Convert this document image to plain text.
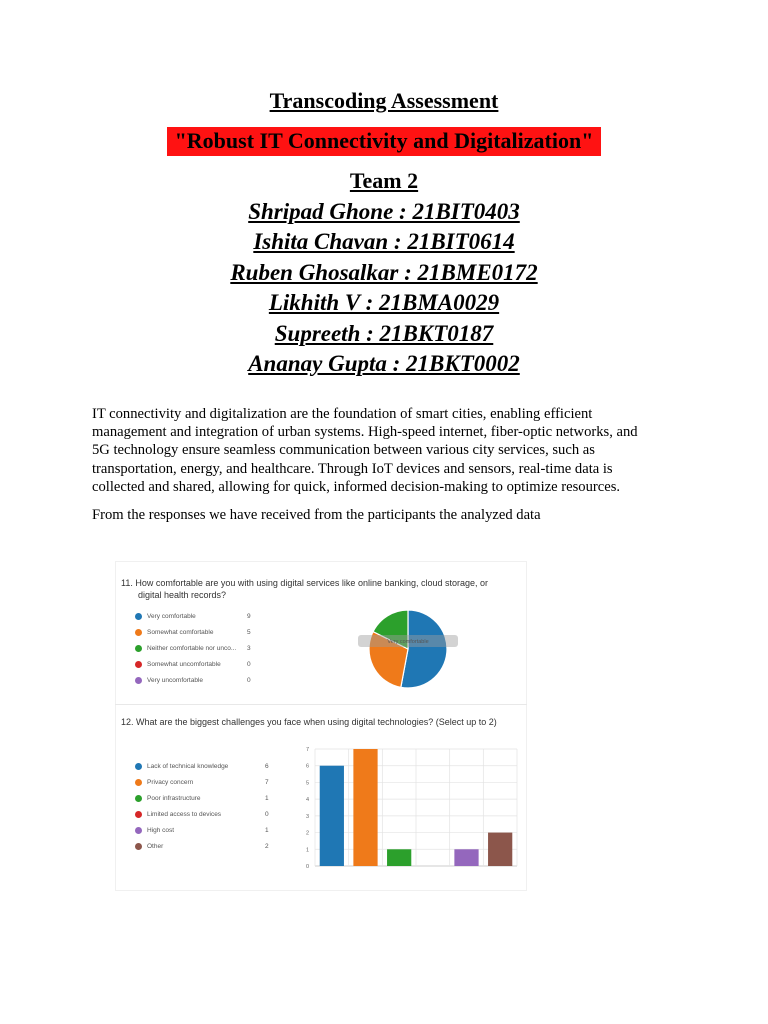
Transcoding Assessment
"Robust IT Connectivity and Digitalization"
Team 2
Shripad Ghone : 21BIT0403
Ishita Chavan : 21BIT0614
Ruben Ghosalkar : 21BME0172
Likhith V : 21BMA0029
Supreeth : 21BKT0187
Ananay Gupta : 21BKT0002

IT connectivity and digitalization are the foundation of smart cities, enabling efficient
management and integration of urban systems. High-speed internet, fiber-optic networks, and
5G technology ensure seamless communication between various city services, such as
transportation, energy, and healthcare. Through IoT devices and sensors, real-time data is
collected and shared, allowing for quick, informed decision-making to optimize resources.

From the responses we have received from the participants the analyzed data

11. How comfortable are you with using digital services like online banking, cloud storage, or
digital health records?
Very comfortable	9
Somewhat comfortable	5
Neither comfortable nor unco... 3
Somewhat uncomfortable	0
Very uncomfortable	0
Very comfortable
12. What are the biggest challenges you face when using digital technologies? (Select up to 2)
Lack of technical knowledge	6
Privacy concern	7
Poor infrastructure	1
Limited access to devices	0
High cost	1
Other	2
0
1
2
3
4
5
6
7
